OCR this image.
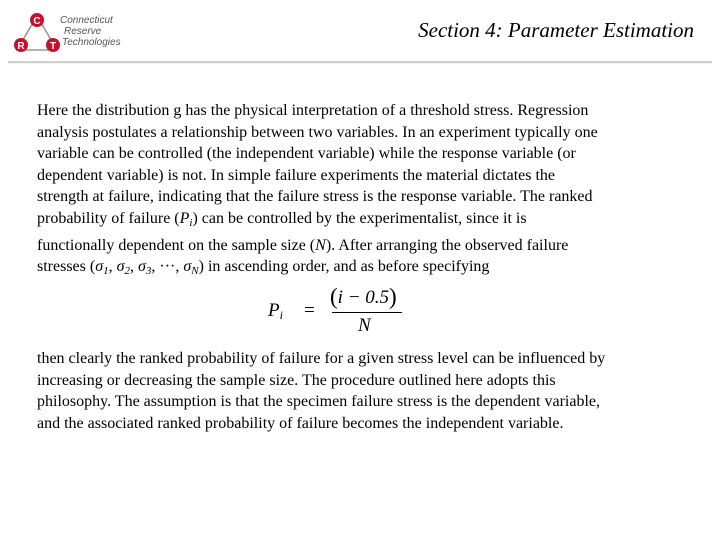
C
R	T
Connecticut
Reserve
Technologies
Section 4: Parameter Estimation

Here the distribution g has the physical interpretation of a threshold stress. Regression
analysis postulates a relationship between two variables. In an experiment typically one
variable can be controlled (the independent variable) while the response variable (or
dependent variable) is not. In simple failure experiments the material dictates the
strength at failure, indicating that the failure stress is the response variable. The ranked
probability of failure $(P_i)$ can be controlled by the experimentalist, since it is
functionally dependent on the sample size (N). After arranging the observed failure
stresses ($\sigma_1$, $\sigma_2$, $\sigma_3$, ···, $\sigma_N$) in ascending order, and as before specifying

$P_i$ =
(i − 0.5)
N

then clearly the ranked probability of failure for a given stress level can be influenced by
increasing or decreasing the sample size. The procedure outlined here adopts this
philosophy. The assumption is that the specimen failure stress is the dependent variable,
and the associated ranked probability of failure becomes the independent variable.
